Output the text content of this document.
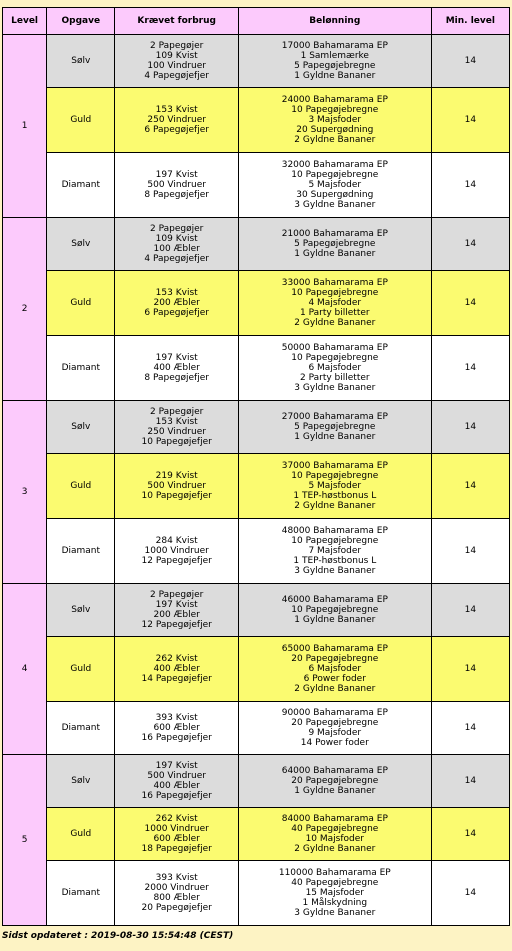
Level	Opgave	Krævet forbrug	Belønning	Min. level
1	Sølv	2 Papegøjer
109 Kvist
100 Vindruer
4 Papegøjefjer	17000 Bahamarama EP
1 Samlemærke
5 Papegøjebregne
1 Gyldne Bananer	14
	Guld	153 Kvist
250 Vindruer
6 Papegøjefjer	24000 Bahamarama EP
10 Papegøjebregne
3 Majsfoder
20 Supergødning
2 Gyldne Bananer	14
	Diamant	197 Kvist
500 Vindruer
8 Papegøjefjer	32000 Bahamarama EP
10 Papegøjebregne
5 Majsfoder
30 Supergødning
3 Gyldne Bananer	14
2	Sølv	2 Papegøjer
109 Kvist
100 Æbler
4 Papegøjefjer	21000 Bahamarama EP
5 Papegøjebregne
1 Gyldne Bananer	14
	Guld	153 Kvist
200 Æbler
6 Papegøjefjer	33000 Bahamarama EP
10 Papegøjebregne
4 Majsfoder
1 Party billetter
2 Gyldne Bananer	14
	Diamant	197 Kvist
400 Æbler
8 Papegøjefjer	50000 Bahamarama EP
10 Papegøjebregne
6 Majsfoder
2 Party billetter
3 Gyldne Bananer	14
3	Sølv	2 Papegøjer
153 Kvist
250 Vindruer
10 Papegøjefjer	27000 Bahamarama EP
5 Papegøjebregne
1 Gyldne Bananer	14
	Guld	219 Kvist
500 Vindruer
10 Papegøjefjer	37000 Bahamarama EP
10 Papegøjebregne
5 Majsfoder
1 TEP-høstbonus L
2 Gyldne Bananer	14
	Diamant	284 Kvist
1000 Vindruer
12 Papegøjefjer	48000 Bahamarama EP
10 Papegøjebregne
7 Majsfoder
1 TEP-høstbonus L
3 Gyldne Bananer	14
4	Sølv	2 Papegøjer
197 Kvist
200 Æbler
12 Papegøjefjer	46000 Bahamarama EP
10 Papegøjebregne
1 Gyldne Bananer	14
	Guld	262 Kvist
400 Æbler
14 Papegøjefjer	65000 Bahamarama EP
20 Papegøjebregne
6 Majsfoder
6 Power foder
2 Gyldne Bananer	14
	Diamant	393 Kvist
600 Æbler
16 Papegøjefjer	90000 Bahamarama EP
20 Papegøjebregne
9 Majsfoder
14 Power foder	14
5	Sølv	197 Kvist
500 Vindruer
400 Æbler
16 Papegøjefjer	64000 Bahamarama EP
20 Papegøjebregne
1 Gyldne Bananer	14
	Guld	262 Kvist
1000 Vindruer
600 Æbler
18 Papegøjefjer	84000 Bahamarama EP
40 Papegøjebregne
10 Majsfoder
2 Gyldne Bananer	14
	Diamant	393 Kvist
2000 Vindruer
800 Æbler
20 Papegøjefjer	110000 Bahamarama EP
40 Papegøjebregne
15 Majsfoder
1 Målskydning
3 Gyldne Bananer	14
Sidst opdateret : 2019-08-30 15:54:48 (CEST)
